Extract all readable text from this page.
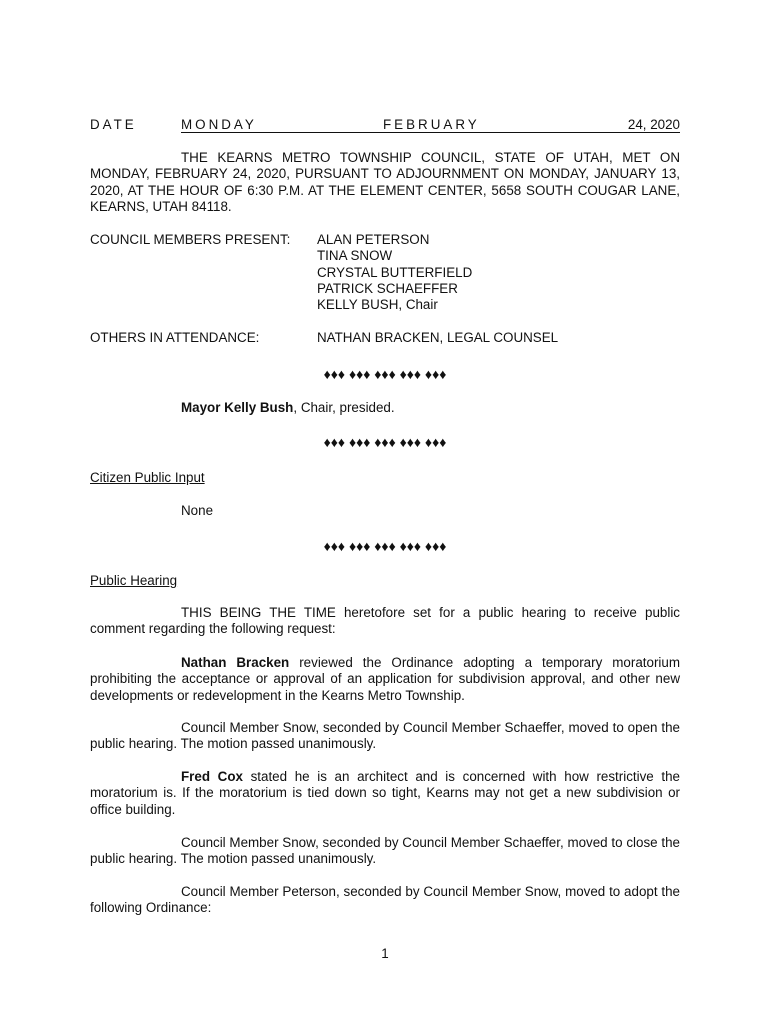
DATE	MONDAY	FEBRUARY	24, 2020
THE KEARNS METRO TOWNSHIP COUNCIL, STATE OF UTAH, MET ON MONDAY, FEBRUARY 24, 2020, PURSUANT TO ADJOURNMENT ON MONDAY, JANUARY 13, 2020, AT THE HOUR OF 6:30 P.M. AT THE ELEMENT CENTER, 5658 SOUTH COUGAR LANE, KEARNS, UTAH 84118.
COUNCIL MEMBERS PRESENT: ALAN PETERSON
TINA SNOW
CRYSTAL BUTTERFIELD
PATRICK SCHAEFFER
KELLY BUSH, Chair
OTHERS IN ATTENDANCE:	NATHAN BRACKEN, LEGAL COUNSEL
♦♦♦ ♦♦♦ ♦♦♦ ♦♦♦ ♦♦♦
Mayor Kelly Bush, Chair, presided.
♦♦♦ ♦♦♦ ♦♦♦ ♦♦♦ ♦♦♦
Citizen Public Input
None
♦♦♦ ♦♦♦ ♦♦♦ ♦♦♦ ♦♦♦
Public Hearing
THIS BEING THE TIME heretofore set for a public hearing to receive public comment regarding the following request:
Nathan Bracken reviewed the Ordinance adopting a temporary moratorium prohibiting the acceptance or approval of an application for subdivision approval, and other new developments or redevelopment in the Kearns Metro Township.
Council Member Snow, seconded by Council Member Schaeffer, moved to open the public hearing. The motion passed unanimously.
Fred Cox stated he is an architect and is concerned with how restrictive the moratorium is. If the moratorium is tied down so tight, Kearns may not get a new subdivision or office building.
Council Member Snow, seconded by Council Member Schaeffer, moved to close the public hearing. The motion passed unanimously.
Council Member Peterson, seconded by Council Member Snow, moved to adopt the following Ordinance:
1
